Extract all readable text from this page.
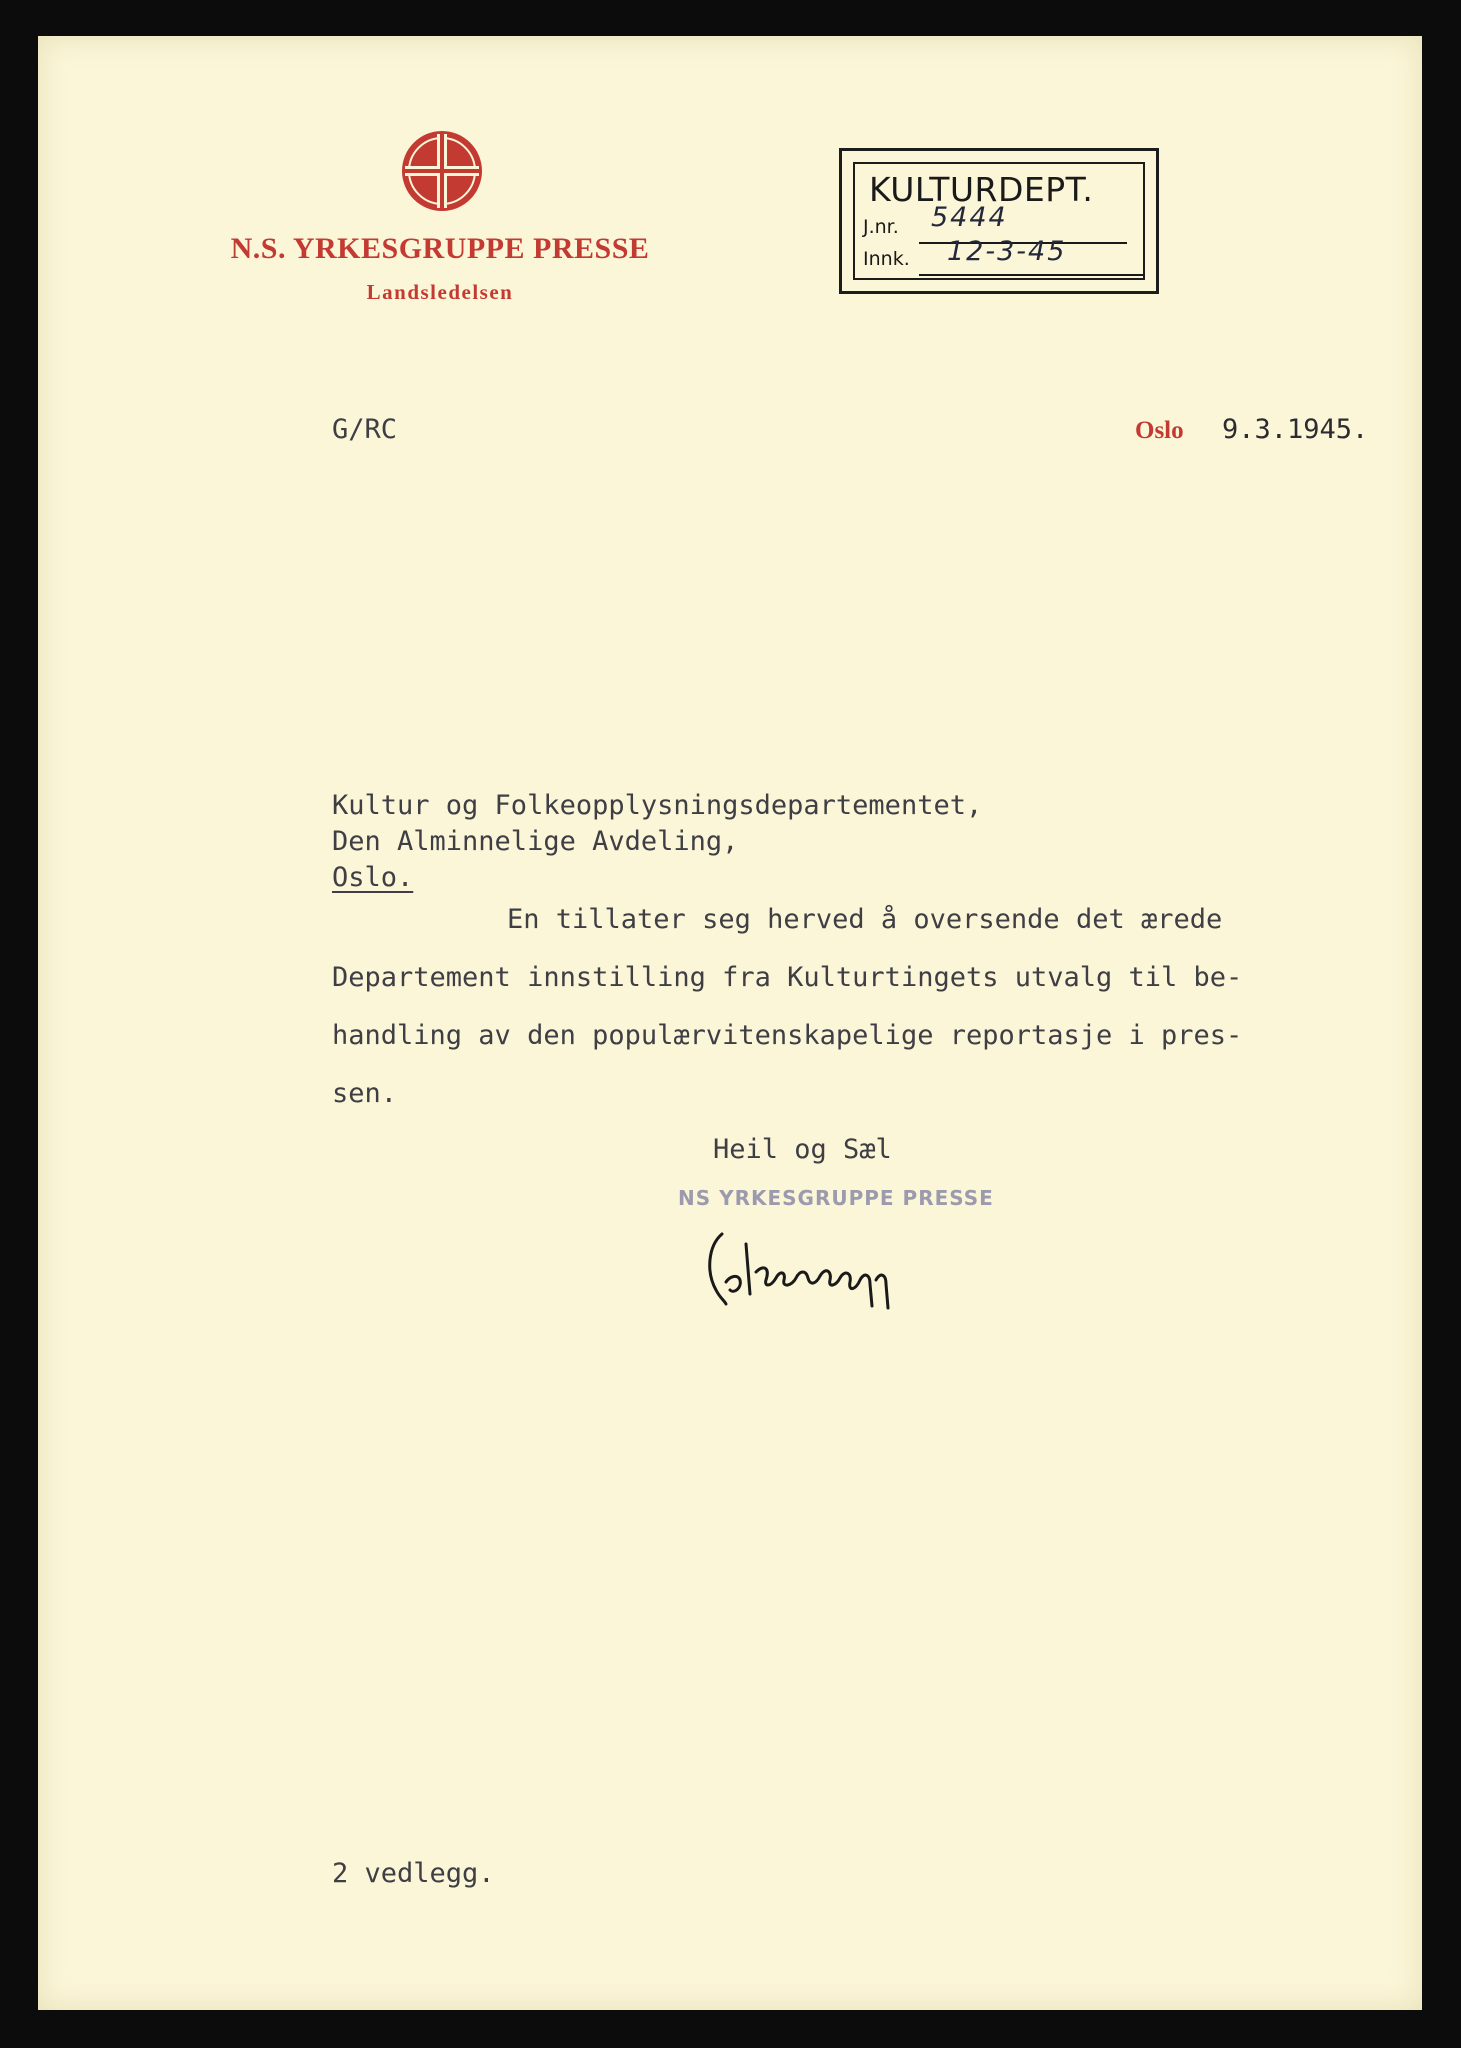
N.S. YRKESGRUPPE PRESSE
Landsledelsen
KULTURDEPT.
J.nr. 5444
Innk. 12-3-45
G/RC	Oslo 9.3.1945.
Kultur og Folkeopplysningsdepartementet,
Den Alminnelige Avdeling,
Oslo.
En tillater seg herved å oversende det ærede
Departement innstilling fra Kulturtingets utvalg til be-
handling av den populærvitenskapelige reportasje i pres-
sen.
Heil og Sæl
NS YRKESGRUPPE PRESSE
2 vedlegg.
